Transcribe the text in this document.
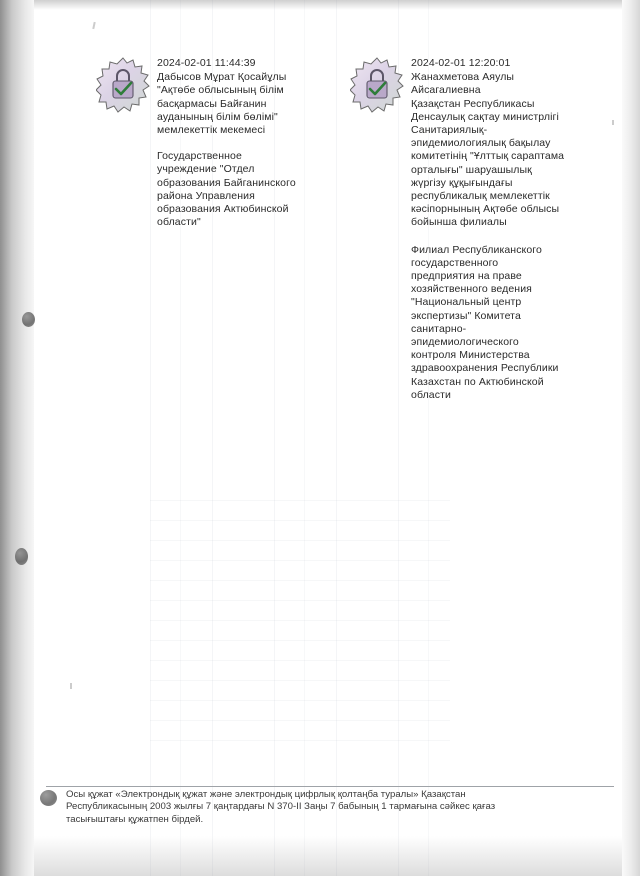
2024-02-01 11:44:39
Дабысов Мұрат Қосайұлы
"Ақтөбе облысының білім басқармасы Байғанин ауданының білім бөлімі" мемлекеттік мекемесі
Государственное учреждение "Отдел образования Байганинского района Управления образования Актюбинской области"
2024-02-01 12:20:01
Жанахметова Аяулы Айсагалиевна
Қазақстан Республикасы Денсаулық сақтау министрлігі Санитариялық-эпидемиологиялық бақылау комитетінің "Ұлттық сараптама орталығы" шаруашылық жүргізу құқығындағы республикалық мемлекеттік кәсіпорнының Ақтөбе облысы бойынша филиалы
Филиал Республиканского государственного предприятия на праве хозяйственного ведения "Национальный центр экспертизы" Комитета санитарно-эпидемиологического контроля Министерства здравоохранения Республики Казахстан по Актюбинской области
Осы құжат «Электрондық құжат және электрондық цифрлық қолтаңба туралы» Қазақстан
Республикасының 2003 жылғы 7 қаңтардағы N 370-II Заңы 7 бабының 1 тармағына сәйкес қағаз
тасығыштағы құжатпен бірдей.
